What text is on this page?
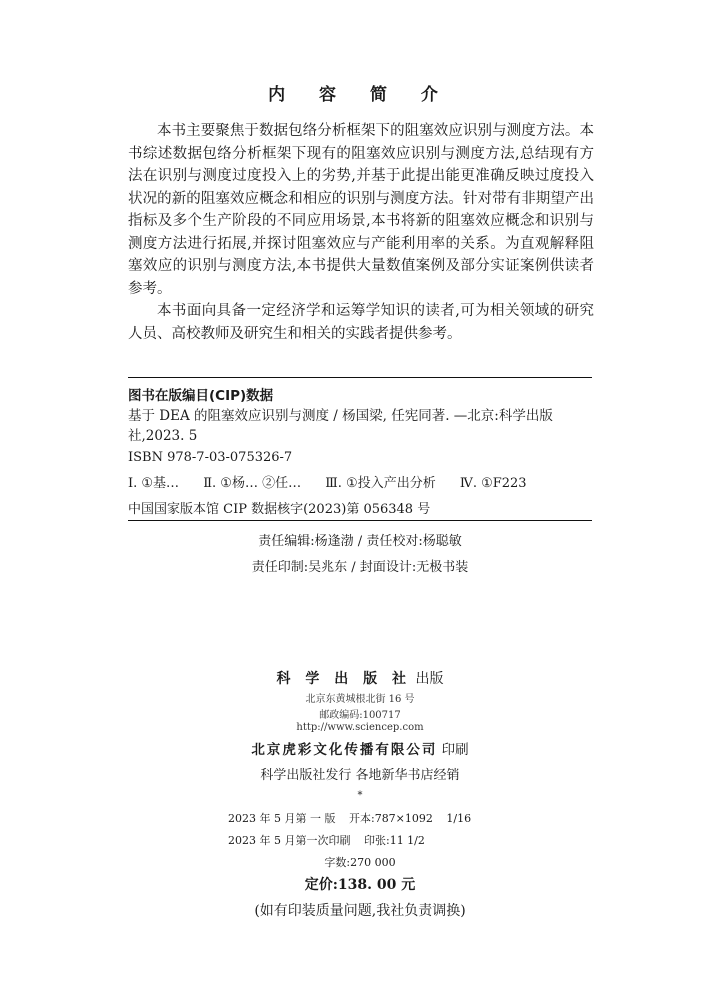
内 容 简 介

本书主要聚焦于数据包络分析框架下的阻塞效应识别与测度方法。本书综述数据包络分析框架下现有的阻塞效应识别与测度方法,总结现有方法在识别与测度过度投入上的劣势,并基于此提出能更准确反映过度投入状况的新的阻塞效应概念和相应的识别与测度方法。针对带有非期望产出指标及多个生产阶段的不同应用场景,本书将新的阻塞效应概念和识别与测度方法进行拓展,并探讨阻塞效应与产能利用率的关系。为直观解释阻塞效应的识别与测度方法,本书提供大量数值案例及部分实证案例供读者参考。

本书面向具备一定经济学和运筹学知识的读者,可为相关领域的研究人员、高校教师及研究生和相关的实践者提供参考。

图书在版编目(CIP)数据
基于 DEA 的阻塞效应识别与测度 / 杨国梁, 任宪同著. —北京:科学出版社,2023. 5
ISBN 978-7-03-075326-7
Ⅰ. ①基… Ⅱ. ①杨… ②任… Ⅲ. ①投入产出分析 Ⅳ. ①F223
中国国家版本馆 CIP 数据核字(2023)第 056348 号
责任编辑:杨逢渤 / 责任校对:杨聪敏
责任印制:吴兆东 / 封面设计:无极书装
科 学 出 版 社 出版
北京东黄城根北街 16 号
邮政编码:100717
http://www.sciencep.com
北京虎彩文化传播有限公司 印刷
科学出版社发行 各地新华书店经销
*
2023 年 5 月第 一 版 开本:787×1092 1/16
2023 年 5 月第一次印刷 印张:11 1/2
字数:270 000
定价:138. 00 元
(如有印装质量问题,我社负责调换)
